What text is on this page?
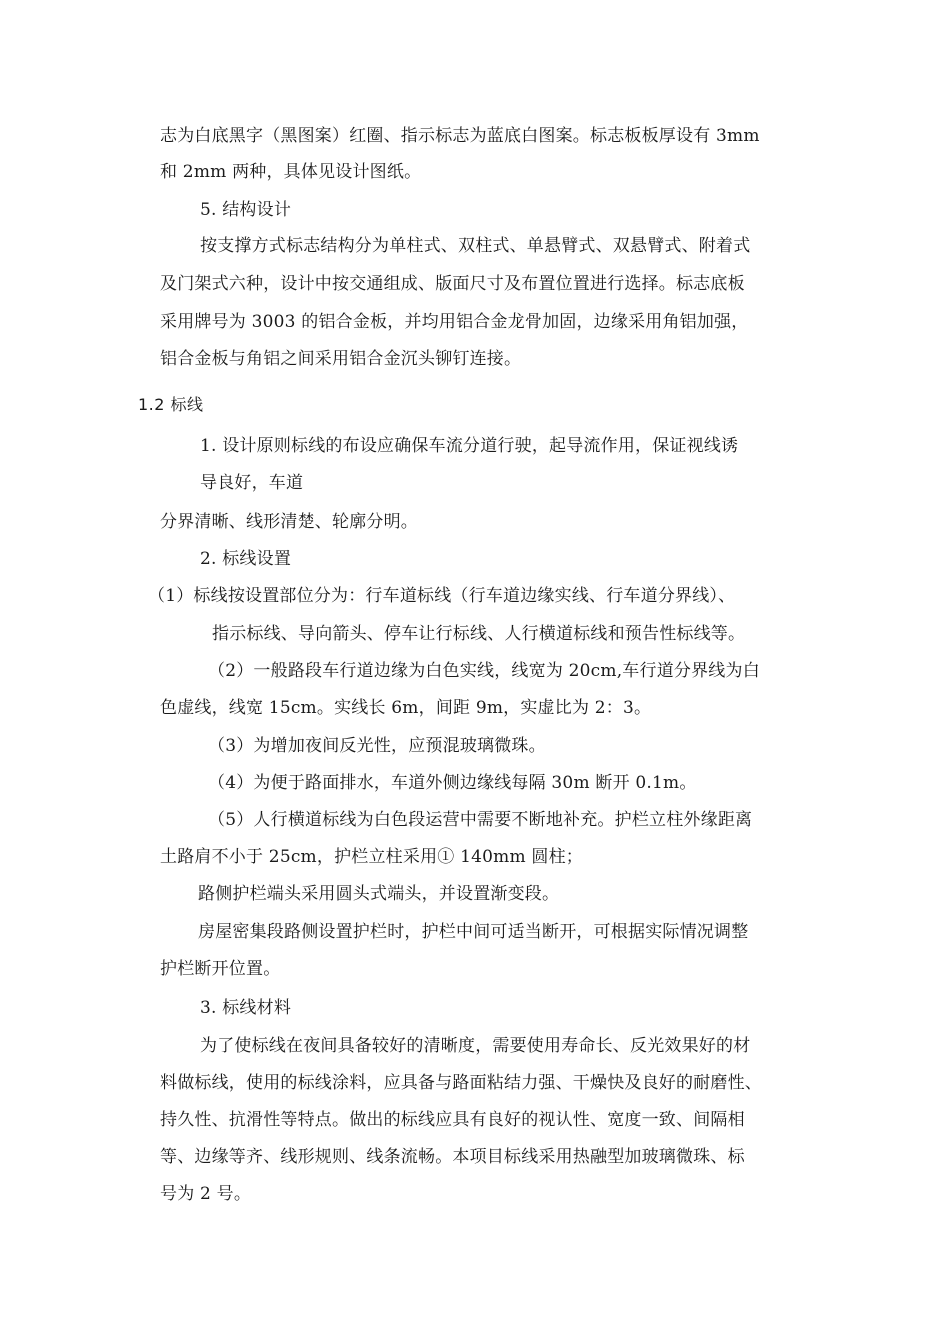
志为白底黑字（黑图案）红圈、指示标志为蓝底白图案。标志板板厚设有 3mm
和 2mm 两种，具体见设计图纸。
5. 结构设计
按支撑方式标志结构分为单柱式、双柱式、单悬臂式、双悬臂式、附着式
及门架式六种，设计中按交通组成、版面尺寸及布置位置进行选择。标志底板
采用牌号为 3003 的铝合金板，并均用铝合金龙骨加固，边缘采用角铝加强，
铝合金板与角铝之间采用铝合金沉头铆钉连接。
1.2 标线
1. 设计原则标线的布设应确保车流分道行驶，起导流作用，保证视线诱
导良好，车道
分界清晰、线形清楚、轮廓分明。
2. 标线设置
（1）标线按设置部位分为：行车道标线（行车道边缘实线、行车道分界线）、
指示标线、导向箭头、停车让行标线、人行横道标线和预告性标线等。
（2）一般路段车行道边缘为白色实线，线宽为 20cm,车行道分界线为白
色虚线，线宽 15cm。实线长 6m，间距 9m，实虚比为 2：3。
（3）为增加夜间反光性，应预混玻璃微珠。
（4）为便于路面排水，车道外侧边缘线每隔 30m 断开 0.1m。
（5）人行横道标线为白色段运营中需要不断地补充。护栏立柱外缘距离
土路肩不小于 25cm，护栏立柱采用① 140mm 圆柱；
路侧护栏端头采用圆头式端头，并设置渐变段。
房屋密集段路侧设置护栏时，护栏中间可适当断开，可根据实际情况调整
护栏断开位置。
3. 标线材料
为了使标线在夜间具备较好的清晰度，需要使用寿命长、反光效果好的材
料做标线，使用的标线涂料，应具备与路面粘结力强、干燥快及良好的耐磨性、
持久性、抗滑性等特点。做出的标线应具有良好的视认性、宽度一致、间隔相
等、边缘等齐、线形规则、线条流畅。本项目标线采用热融型加玻璃微珠、标
号为 2 号。
